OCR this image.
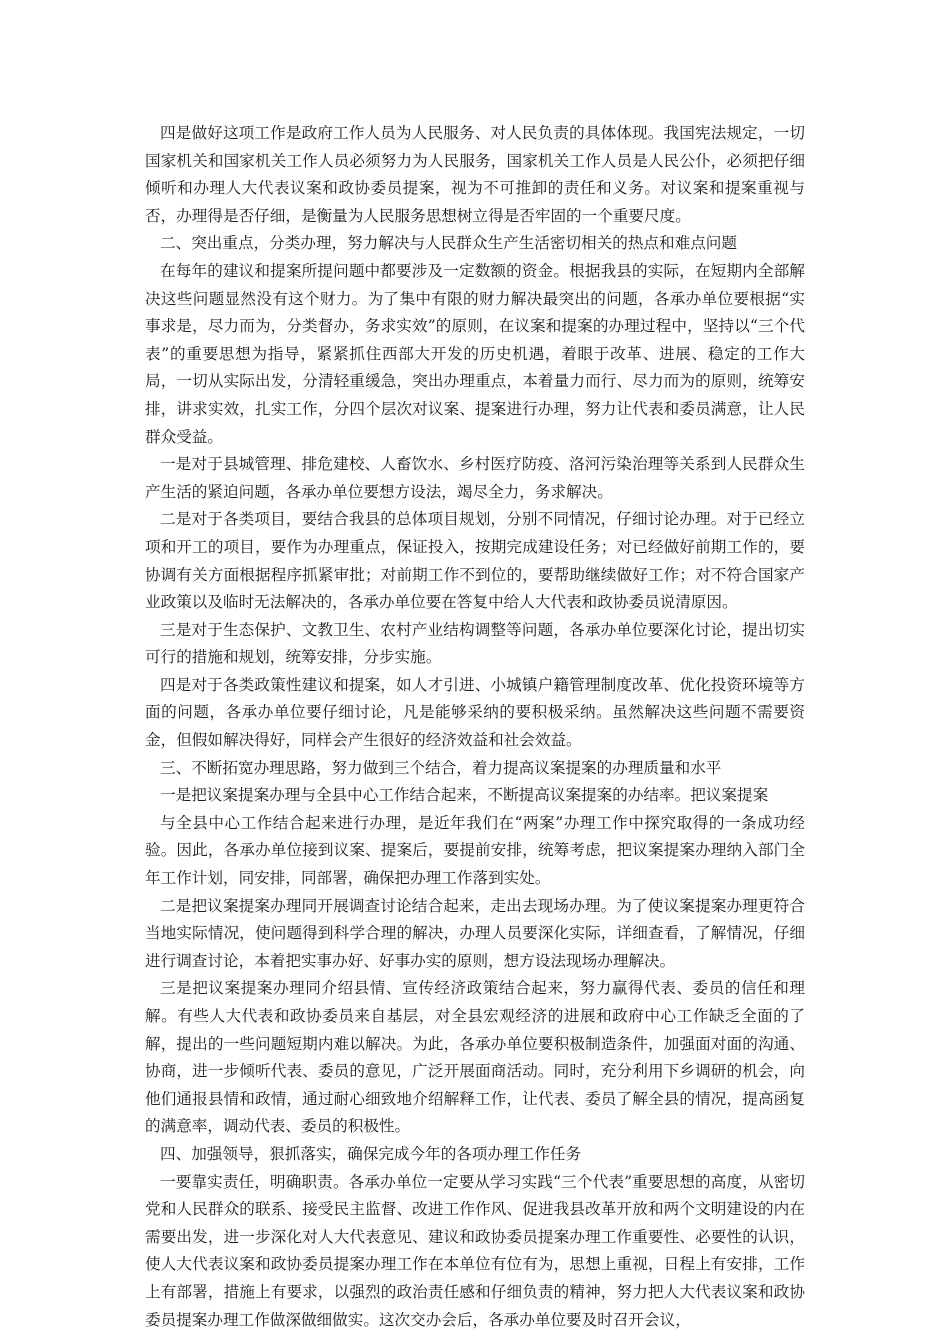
四是做好这项工作是政府工作人员为人民服务、对人民负责的具体体现。我国宪法规定，一切国家机关和国家机关工作人员必须努力为人民服务，国家机关工作人员是人民公仆，必须把仔细倾听和办理人大代表议案和政协委员提案，视为不可推卸的责任和义务。对议案和提案重视与否，办理得是否仔细，是衡量为人民服务思想树立得是否牢固的一个重要尺度。

二、突出重点，分类办理，努力解决与人民群众生产生活密切相关的热点和难点问题

在每年的建议和提案所提问题中都要涉及一定数额的资金。根据我县的实际，在短期内全部解决这些问题显然没有这个财力。为了集中有限的财力解决最突出的问题，各承办单位要根据“实事求是，尽力而为，分类督办，务求实效”的原则，在议案和提案的办理过程中，坚持以“三个代表”的重要思想为指导，紧紧抓住西部大开发的历史机遇，着眼于改革、进展、稳定的工作大局，一切从实际出发，分清轻重缓急，突出办理重点，本着量力而行、尽力而为的原则，统筹安排，讲求实效，扎实工作，分四个层次对议案、提案进行办理，努力让代表和委员满意，让人民群众受益。

一是对于县城管理、排危建校、人畜饮水、乡村医疗防疫、洛河污染治理等关系到人民群众生产生活的紧迫问题，各承办单位要想方设法，竭尽全力，务求解决。

二是对于各类项目，要结合我县的总体项目规划，分别不同情况，仔细讨论办理。对于已经立项和开工的项目，要作为办理重点，保证投入，按期完成建设任务；对已经做好前期工作的，要协调有关方面根据程序抓紧审批；对前期工作不到位的，要帮助继续做好工作；对不符合国家产业政策以及临时无法解决的，各承办单位要在答复中给人大代表和政协委员说清原因。

三是对于生态保护、文教卫生、农村产业结构调整等问题，各承办单位要深化讨论，提出切实可行的措施和规划，统筹安排，分步实施。

四是对于各类政策性建议和提案，如人才引进、小城镇户籍管理制度改革、优化投资环境等方面的问题，各承办单位要仔细讨论，凡是能够采纳的要积极采纳。虽然解决这些问题不需要资金，但假如解决得好，同样会产生很好的经济效益和社会效益。

三、不断拓宽办理思路，努力做到三个结合，着力提高议案提案的办理质量和水平

一是把议案提案办理与全县中心工作结合起来，不断提高议案提案的办结率。把议案提案

与全县中心工作结合起来进行办理，是近年我们在“两案”办理工作中探究取得的一条成功经验。因此，各承办单位接到议案、提案后，要提前安排，统筹考虑，把议案提案办理纳入部门全年工作计划，同安排，同部署，确保把办理工作落到实处。

二是把议案提案办理同开展调查讨论结合起来，走出去现场办理。为了使议案提案办理更符合当地实际情况，使问题得到科学合理的解决，办理人员要深化实际，详细查看，了解情况，仔细进行调查讨论，本着把实事办好、好事办实的原则，想方设法现场办理解决。

三是把议案提案办理同介绍县情、宣传经济政策结合起来，努力赢得代表、委员的信任和理解。有些人大代表和政协委员来自基层，对全县宏观经济的进展和政府中心工作缺乏全面的了解，提出的一些问题短期内难以解决。为此，各承办单位要积极制造条件，加强面对面的沟通、协商，进一步倾听代表、委员的意见，广泛开展面商活动。同时，充分利用下乡调研的机会，向他们通报县情和政情，通过耐心细致地介绍解释工作，让代表、委员了解全县的情况，提高函复的满意率，调动代表、委员的积极性。

四、加强领导，狠抓落实，确保完成今年的各项办理工作任务

一要靠实责任，明确职责。各承办单位一定要从学习实践“三个代表”重要思想的高度，从密切党和人民群众的联系、接受民主监督、改进工作作风、促进我县改革开放和两个文明建设的内在需要出发，进一步深化对人大代表意见、建议和政协委员提案办理工作重要性、必要性的认识，使人大代表议案和政协委员提案办理工作在本单位有位有为，思想上重视，日程上有安排，工作上有部署，措施上有要求，以强烈的政治责任感和仔细负责的精神，努力把人大代表议案和政协委员提案办理工作做深做细做实。这次交办会后，各承办单位要及时召开会议，
